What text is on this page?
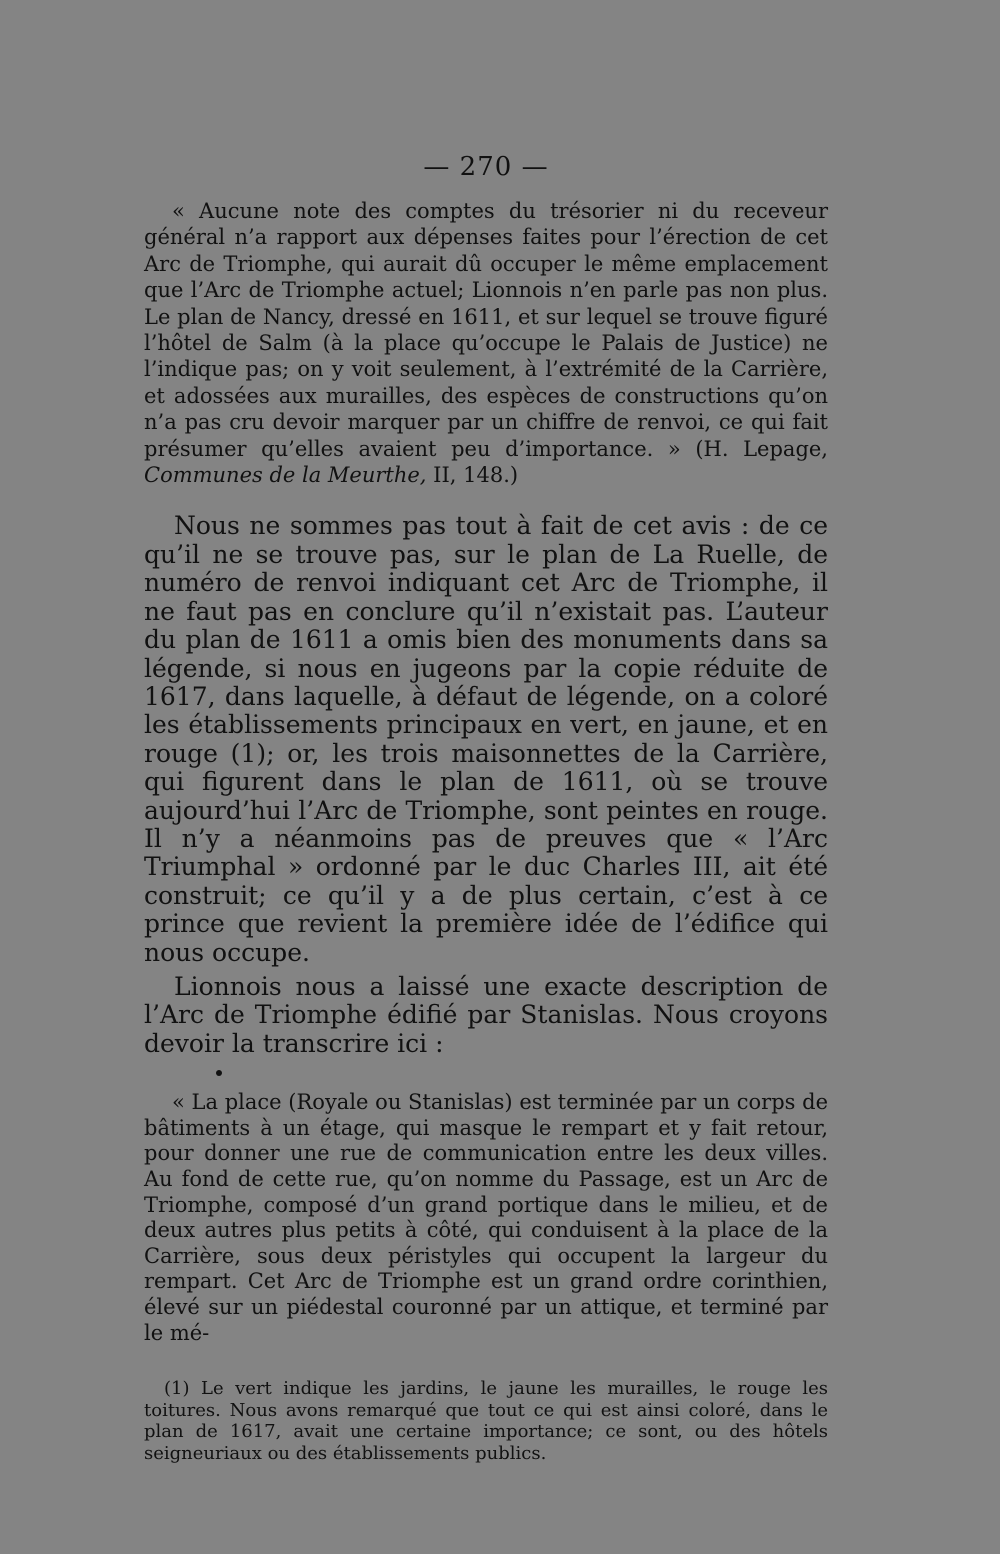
— 270 —

« Aucune note des comptes du trésorier ni du receveur général n’a rapport aux dépenses faites pour l’érection de cet Arc de Triomphe, qui aurait dû occuper le même emplacement que l’Arc de Triomphe actuel; Lionnois n’en parle pas non plus. Le plan de Nancy, dressé en 1611, et sur lequel se trouve figuré l’hôtel de Salm (à la place qu’occupe le Palais de Justice) ne l’indique pas; on y voit seulement, à l’extrémité de la Carrière, et adossées aux murailles, des espèces de constructions qu’on n’a pas cru devoir marquer par un chiffre de renvoi, ce qui fait présumer qu’elles avaient peu d’importance. » (H. Lepage, Communes de la Meurthe, II, 148.)

Nous ne sommes pas tout à fait de cet avis : de ce qu’il ne se trouve pas, sur le plan de La Ruelle, de numéro de renvoi indiquant cet Arc de Triomphe, il ne faut pas en conclure qu’il n’existait pas. L’auteur du plan de 1611 a omis bien des monuments dans sa légende, si nous en jugeons par la copie réduite de 1617, dans laquelle, à défaut de légende, on a coloré les établissements principaux en vert, en jaune, et en rouge (1); or, les trois maisonnettes de la Carrière, qui figurent dans le plan de 1611, où se trouve aujourd’hui l’Arc de Triomphe, sont peintes en rouge. Il n’y a néanmoins pas de preuves que « l’Arc Triumphal » ordonné par le duc Charles III, ait été construit; ce qu’il y a de plus certain, c’est à ce prince que revient la première idée de l’édifice qui nous occupe.

Lionnois nous a laissé une exacte description de l’Arc de Triomphe édifié par Stanislas. Nous croyons devoir la transcrire ici :

« La place (Royale ou Stanislas) est terminée par un corps de bâtiments à un étage, qui masque le rempart et y fait retour, pour donner une rue de communication entre les deux villes. Au fond de cette rue, qu’on nomme du Passage, est un Arc de Triomphe, composé d’un grand portique dans le milieu, et de deux autres plus petits à côté, qui conduisent à la place de la Carrière, sous deux péristyles qui occupent la largeur du rempart. Cet Arc de Triomphe est un grand ordre corinthien, élevé sur un piédestal couronné par un attique, et terminé par le mé-

(1) Le vert indique les jardins, le jaune les murailles, le rouge les toitures. Nous avons remarqué que tout ce qui est ainsi coloré, dans le plan de 1617, avait une certaine importance; ce sont, ou des hôtels seigneuriaux ou des établissements publics.
